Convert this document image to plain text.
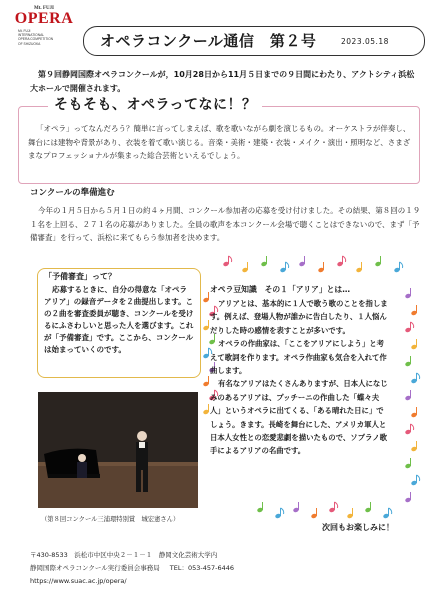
Mt. FUJI
OPERA
Mt. FUJI
INTERNATIONAL
OPERA COMPETITION
OF SHIZUOKA	オペラコンクール通信　第２号	2023.05.18
第９回静岡国際オペラコンクールが，10月28日から11月５日までの９日間にわたり、アクトシティ浜松大ホールで開催されます。
そもそも、オペラってなに！？
「オペラ」ってなんだろう？簡単に言ってしまえば、歌を歌いながら劇を演じるもの。オーケストラが伴奏し、舞台には建物や背景があり、衣装を着て歌い演じる。音楽・美術・建築・衣装・メイク・演出・照明など、さまざまなプロフェッショナルが集まった総合芸術といえるでしょう。
コンクールの準備進む
今年の１月５日から５月１日の約４ヶ月間、コンクール参加者の応募を受け付けました。その結果、第８回の１９１名を上回る、２７１名の応募がありました。全員の歌声を本コンクール会場で聴くことはできないので、まず「予備審査」を行って、浜松に来てもらう参加者を決めます。
「予備審査」って？
応募するときに、自分の得意な「オペラアリア」の録音データを２曲提出します。この２曲を審査委員が聴き、コンクールを受けるにふさわしいと思った人を選びます。これが「予備審査」です。ここから、コンクールは始まっていくのです。
（第８回コンクール三浦環特別賞　城宏憲さん）
オペラ豆知識　その１「アリア」とは…
アリアとは、基本的に１人で歌う歌のことを指します。例えば、登場人物が誰かに告白したり、１人悩んだりした時の感情を表すことが多いです。
オペラの作曲家は、「ここをアリアにしよう」と考えて歌詞を作ります。オペラ作曲家も気合を入れて作曲します。
有名なアリアはたくさんありますが、日本人になじみのあるアリアは、プッチーニの作曲した「蝶々夫人」というオペラに出てくる、「ある晴れた日に」でしょう。きます。長崎を舞台にした、アメリカ軍人と日本人女性との恋愛悲劇を描いたもので、ソプラノ歌手によるアリアの名曲です。
次回もお楽しみに！
〒430-8533　浜松市中区中央２－１－１　静岡文化芸術大学内
静岡国際オペラコンクール実行委員会事務局 TEL：053-457-6446
https://www.suac.ac.jp/opera/
